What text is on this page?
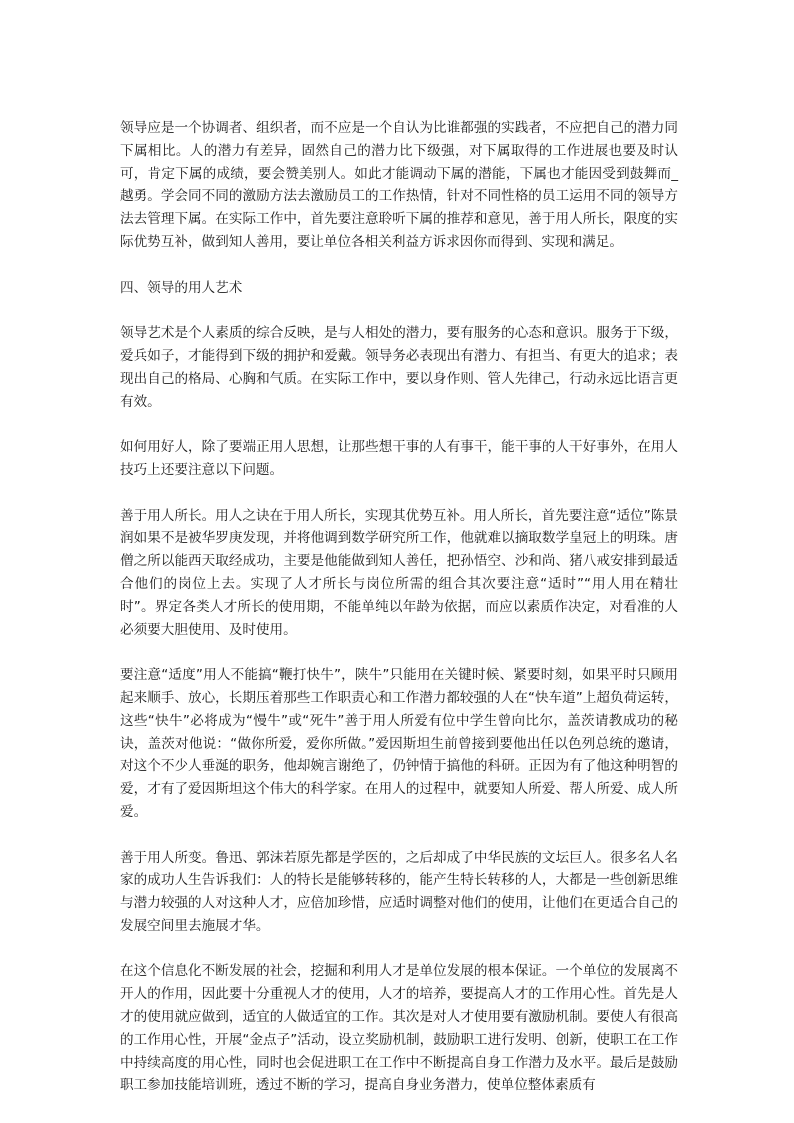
领导应是一个协调者、组织者，而不应是一个自认为比谁都强的实践者，不应把自己的潜力同下属相比。人的潜力有差异，固然自己的潜力比下级强，对下属取得的工作进展也要及时认可，肯定下属的成绩，要会赞美别人。如此才能调动下属的潜能，下属也才能因受到鼓舞而_越勇。学会同不同的激励方法去激励员工的工作热情，针对不同性格的员工运用不同的领导方法去管理下属。在实际工作中，首先要注意聆听下属的推荐和意见，善于用人所长，限度的实际优势互补，做到知人善用，要让单位各相关利益方诉求因你而得到、实现和满足。

四、领导的用人艺术

领导艺术是个人素质的综合反映，是与人相处的潜力，要有服务的心态和意识。服务于下级，爱兵如子，才能得到下级的拥护和爱戴。领导务必表现出有潜力、有担当、有更大的追求；表现出自己的格局、心胸和气质。在实际工作中，要以身作则、管人先律己，行动永远比语言更有效。

如何用好人，除了要端正用人思想，让那些想干事的人有事干，能干事的人干好事外，在用人技巧上还要注意以下问题。

善于用人所长。用人之诀在于用人所长，实现其优势互补。用人所长，首先要注意“适位”陈景润如果不是被华罗庚发现，并将他调到数学研究所工作，他就难以摘取数学皇冠上的明珠。唐僧之所以能西天取经成功，主要是他能做到知人善任，把孙悟空、沙和尚、猪八戒安排到最适合他们的岗位上去。实现了人才所长与岗位所需的组合其次要注意“适时”“用人用在精壮时”。界定各类人才所长的使用期，不能单纯以年龄为依据，而应以素质作决定，对看准的人必须要大胆使用、及时使用。

要注意“适度”用人不能搞“鞭打快牛”，陕牛”只能用在关键时候、紧要时刻，如果平时只顾用起来顺手、放心，长期压着那些工作职责心和工作潜力都较强的人在“快车道”上超负荷运转，这些“快牛”必将成为“慢牛”或“死牛”善于用人所爱有位中学生曾向比尔，盖茨请教成功的秘诀，盖茨对他说：“做你所爱，爱你所做。”爱因斯坦生前曾接到要他出任以色列总统的邀请，对这个不少人垂涎的职务，他却婉言谢绝了，仍钟情于搞他的科研。正因为有了他这种明智的爱，才有了爱因斯坦这个伟大的科学家。在用人的过程中，就要知人所爱、帮人所爱、成人所爱。

善于用人所变。鲁迅、郭沫若原先都是学医的，之后却成了中华民族的文坛巨人。很多名人名家的成功人生告诉我们：人的特长是能够转移的，能产生特长转移的人，大都是一些创新思维与潜力较强的人对这种人才，应倍加珍惜，应适时调整对他们的使用，让他们在更适合自己的发展空间里去施展才华。

在这个信息化不断发展的社会，挖掘和利用人才是单位发展的根本保证。一个单位的发展离不开人的作用，因此要十分重视人才的使用，人才的培养，要提高人才的工作用心性。首先是人才的使用就应做到，适宜的人做适宜的工作。其次是对人才使用要有激励机制。要使人有很高的工作用心性，开展“金点子”活动，设立奖励机制，鼓励职工进行发明、创新，使职工在工作中持续高度的用心性，同时也会促进职工在工作中不断提高自身工作潜力及水平。最后是鼓励职工参加技能培训班，透过不断的学习，提高自身业务潜力，使单位整体素质有
